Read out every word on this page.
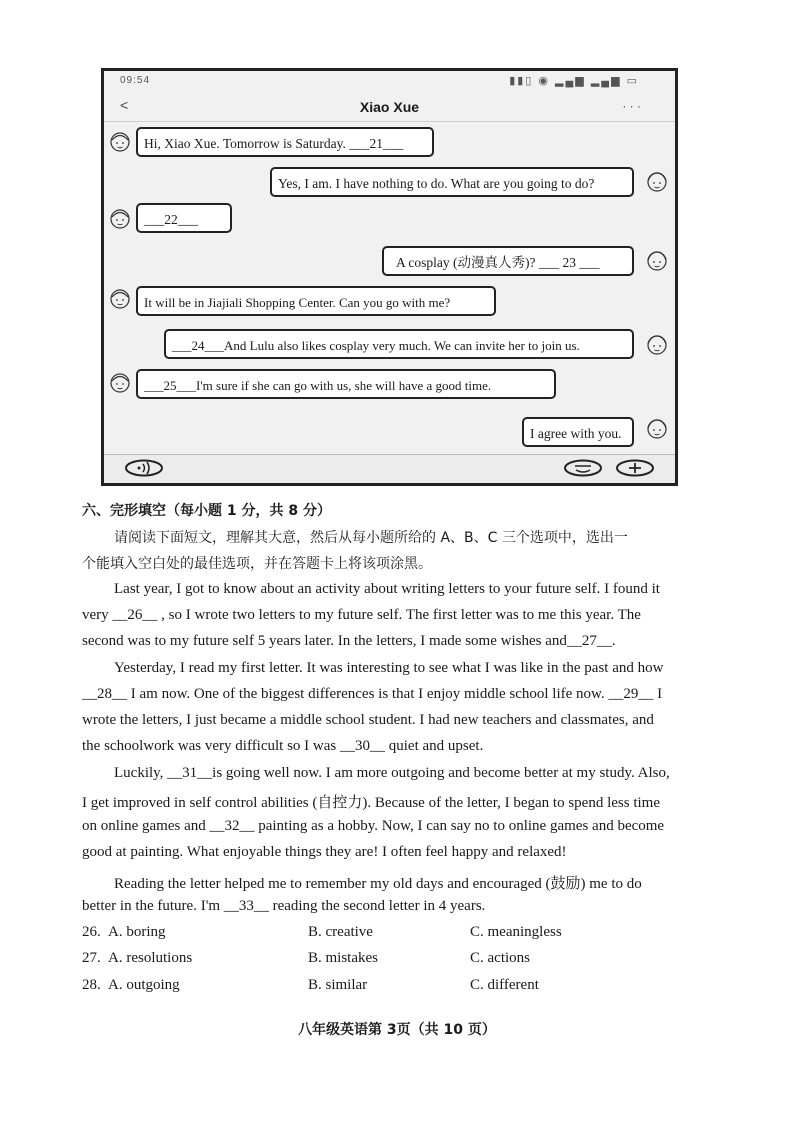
09:54	▮▮▯ ◉ ▂▄▆ ▂▄▆ ▭
<	Xiao Xue	· · ·
Hi, Xiao Xue. Tomorrow is Saturday. ___21___
Yes, I am. I have nothing to do. What are you going to do?
___22___
A cosplay (动漫真人秀)? ___ 23 ___
It will be in Jiajiali Shopping Center. Can you go with me?
___24___And Lulu also likes cosplay very much. We can invite her to join us.
___25___I'm sure if she can go with us, she will have a good time.
I agree with you.
六、完形填空（每小题 1 分，共 8 分）
请阅读下面短文，理解其大意，然后从每小题所给的 A、B、C 三个选项中，选出一
个能填入空白处的最佳选项，并在答题卡上将该项涂黑。
Last year, I got to know about an activity about writing letters to your future self. I found it
very __26__ , so I wrote two letters to my future self. The first letter was to me this year. The
second was to my future self 5 years later. In the letters, I made some wishes and__27__.
Yesterday, I read my first letter. It was interesting to see what I was like in the past and how
__28__ I am now. One of the biggest differences is that I enjoy middle school life now. __29__ I
wrote the letters, I just became a middle school student. I had new teachers and classmates, and
the schoolwork was very difficult so I was __30__ quiet and upset.
Luckily, __31__is going well now. I am more outgoing and become better at my study. Also,
I get improved in self control abilities (自控力). Because of the letter, I began to spend less time
on online games and __32__ painting as a hobby. Now, I can say no to online games and become
good at painting. What enjoyable things they are! I often feel happy and relaxed!
Reading the letter helped me to remember my old days and encouraged (鼓励) me to do
better in the future. I'm __33__ reading the second letter in 4 years.
26. A. boring	B. creative	C. meaningless
27. A. resolutions	B. mistakes	C. actions
28. A. outgoing	B. similar	C. different
八年级英语第 3页（共 10 页）
